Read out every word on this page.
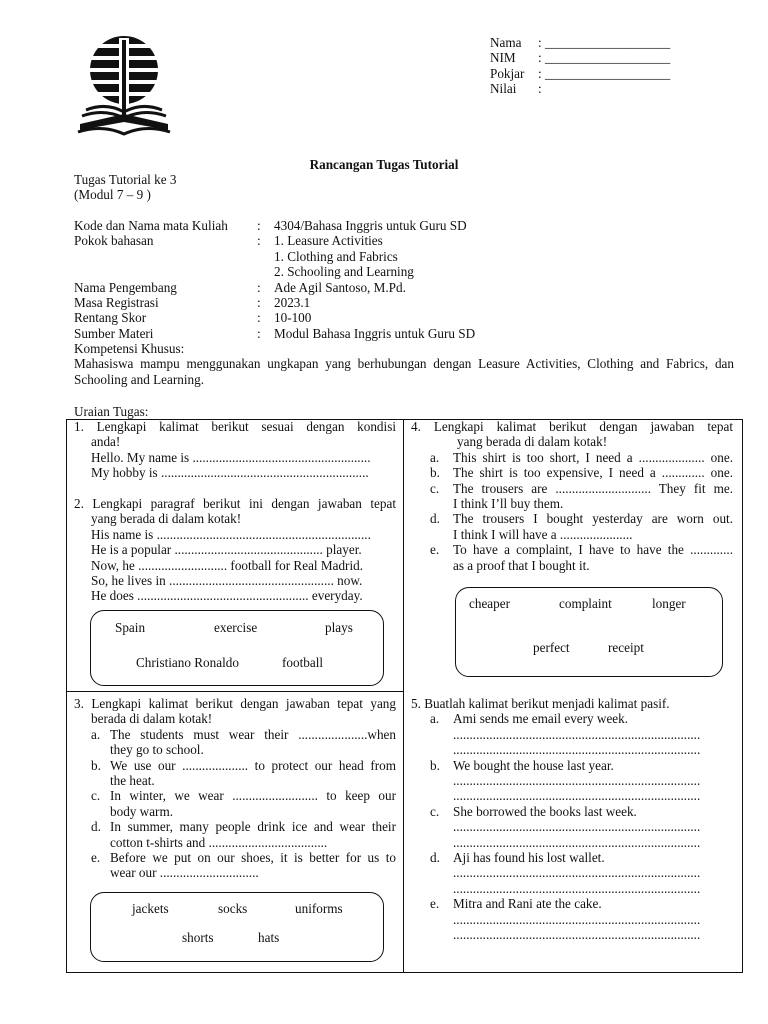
Nama : ___________________
NIM : ___________________
Pokjar : ___________________
Nilai :
Rancangan Tugas Tutorial
Tugas Tutorial ke 3
(Modul 7 – 9 )
Kode dan Nama mata Kuliah : 4304/Bahasa Inggris untuk Guru SD
Pokok bahasan	: 1. Leasure Activities
1. Clothing and Fabrics
2. Schooling and Learning
Nama Pengembang	: Ade Agil Santoso, M.Pd.
Masa Registrasi	: 2023.1
Rentang Skor	: 10-100
Sumber Materi	: Modul Bahasa Inggris untuk Guru SD
Kompetensi Khusus:
Mahasiswa mampu menggunakan ungkapan yang berhubungan dengan Leasure Activities, Clothing and Fabrics, dan Schooling and Learning.
Uraian Tugas:
1. Lengkapi kalimat berikut sesuai dengan kondisi
anda!
Hello. My name is ......................................................
My hobby is ...............................................................
2. Lengkapi paragraf berikut ini dengan jawaban tepat
yang berada di dalam kotak!
His name is .................................................................
He is a popular ............................................. player.
Now, he ........................... football for Real Madrid.
So, he lives in .................................................. now.
He does .................................................... everyday.
Spain	exercise	plays
Christiano Ronaldo	football
3. Lengkapi kalimat berikut dengan jawaban tepat yang
berada di dalam kotak!
a. The students must wear their .....................when
they go to school.
b. We use our .................... to protect our head from
the heat.
c. In winter, we wear .......................... to keep our
body warm.
d. In summer, many people drink ice and wear their
cotton t-shirts and ....................................
e. Before we put on our shoes, it is better for us to
wear our ..............................
jackets	socks	uniforms
shorts	hats
4. Lengkapi kalimat berikut dengan jawaban tepat
yang berada di dalam kotak!
a. This shirt is too short, I need a .................... one.
b. The shirt is too expensive, I need a ............. one.
c. The trousers are ............................. They fit me.
I think I’ll buy them.
d. The trousers I bought yesterday are worn out.
I think I will have a ......................
e. To have a complaint, I have to have the .............
as a proof that I bought it.
cheaper	complaint	longer
perfect	receipt
5. Buatlah kalimat berikut menjadi kalimat pasif.
a. Ami sends me email every week.
...........................................................................
...........................................................................
b. We bought the house last year.
...........................................................................
...........................................................................
c. She borrowed the books last week.
...........................................................................
...........................................................................
d. Aji has found his lost wallet.
...........................................................................
...........................................................................
e. Mitra and Rani ate the cake.
...........................................................................
...........................................................................
